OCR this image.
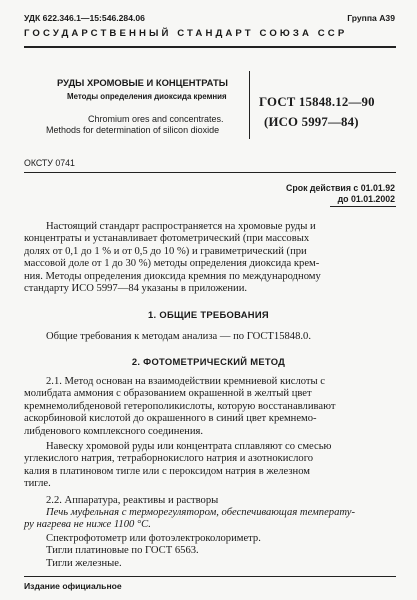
УДК 622.346.1—15:546.284.06	Группа А39
ГОСУДАРСТВЕННЫЙ СТАНДАРТ СОЮЗА ССР
РУДЫ ХРОМОВЫЕ И КОНЦЕНТРАТЫ
Методы определения диоксида кремния
Chromium ores and concentrates.
Methods for determination of silicon dioxide
ГОСТ 15848.12—90
(ИСО 5997—84)
ОКСТУ 0741
Срок действия с 01.01.92
до 01.01.2002
Настоящий стандарт распространяется на хромовые руды и
концентраты и устанавливает фотометрический (при массовых
долях от 0,1 до 1 % и от 0,5 до 10 %) и гравиметрический (при
массовой доле от 1 до 30 %) методы определения диоксида крем-
ния. Методы определения диоксида кремния по международному
стандарту ИСО 5997—84 указаны в приложении.
1. ОБЩИЕ ТРЕБОВАНИЯ
Общие требования к методам анализа — по ГОСТ15848.0.
2. ФОТОМЕТРИЧЕСКИЙ МЕТОД
2.1. Метод основан на взаимодействии кремниевой кислоты с
молибдата аммония с образованием окрашенной в желтый цвет
кремнемолибденовой гетерополикислоты, которую восстанавливают
аскорбиновой кислотой до окрашенного в синий цвет кремнемо-
либденового комплексного соединения.
Навеску хромовой руды или концентрата сплавляют со смесью
углекислого натрия, тетраборнокислого натрия и азотнокислого
калия в платиновом тигле или с пероксидом натрия в железном
тигле.
2.2. Аппаратура, реактивы и растворы
Печь муфельная с терморегулятором, обеспечивающая температу-
ру нагрева не ниже 1100 °С.
Спектрофотометр или фотоэлектроколориметр.
Тигли платиновые по ГОСТ 6563.
Тигли железные.
Издание официальное
